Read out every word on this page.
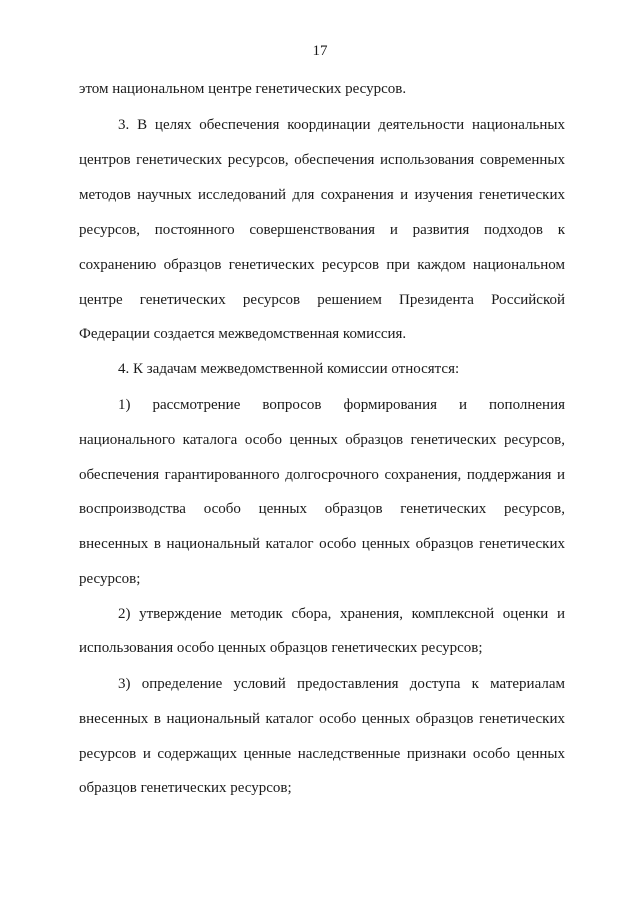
17
этом национальном центре генетических ресурсов.
3. В целях обеспечения координации деятельности национальных
центров генетических ресурсов, обеспечения использования современных
методов научных исследований для сохранения и изучения генетических
ресурсов, постоянного совершенствования и развития подходов к
сохранению образцов генетических ресурсов при каждом национальном
центре генетических ресурсов решением Президента Российской
Федерации создается межведомственная комиссия.
4. К задачам межведомственной комиссии относятся:
1) рассмотрение вопросов формирования и пополнения
национального каталога особо ценных образцов генетических ресурсов,
обеспечения гарантированного долгосрочного сохранения, поддержания и
воспроизводства особо ценных образцов генетических ресурсов,
внесенных в национальный каталог особо ценных образцов генетических
ресурсов;
2) утверждение методик сбора, хранения, комплексной оценки и
использования особо ценных образцов генетических ресурсов;
3) определение условий предоставления доступа к материалам
внесенных в национальный каталог особо ценных образцов генетических
ресурсов и содержащих ценные наследственные признаки особо ценных
образцов генетических ресурсов;
